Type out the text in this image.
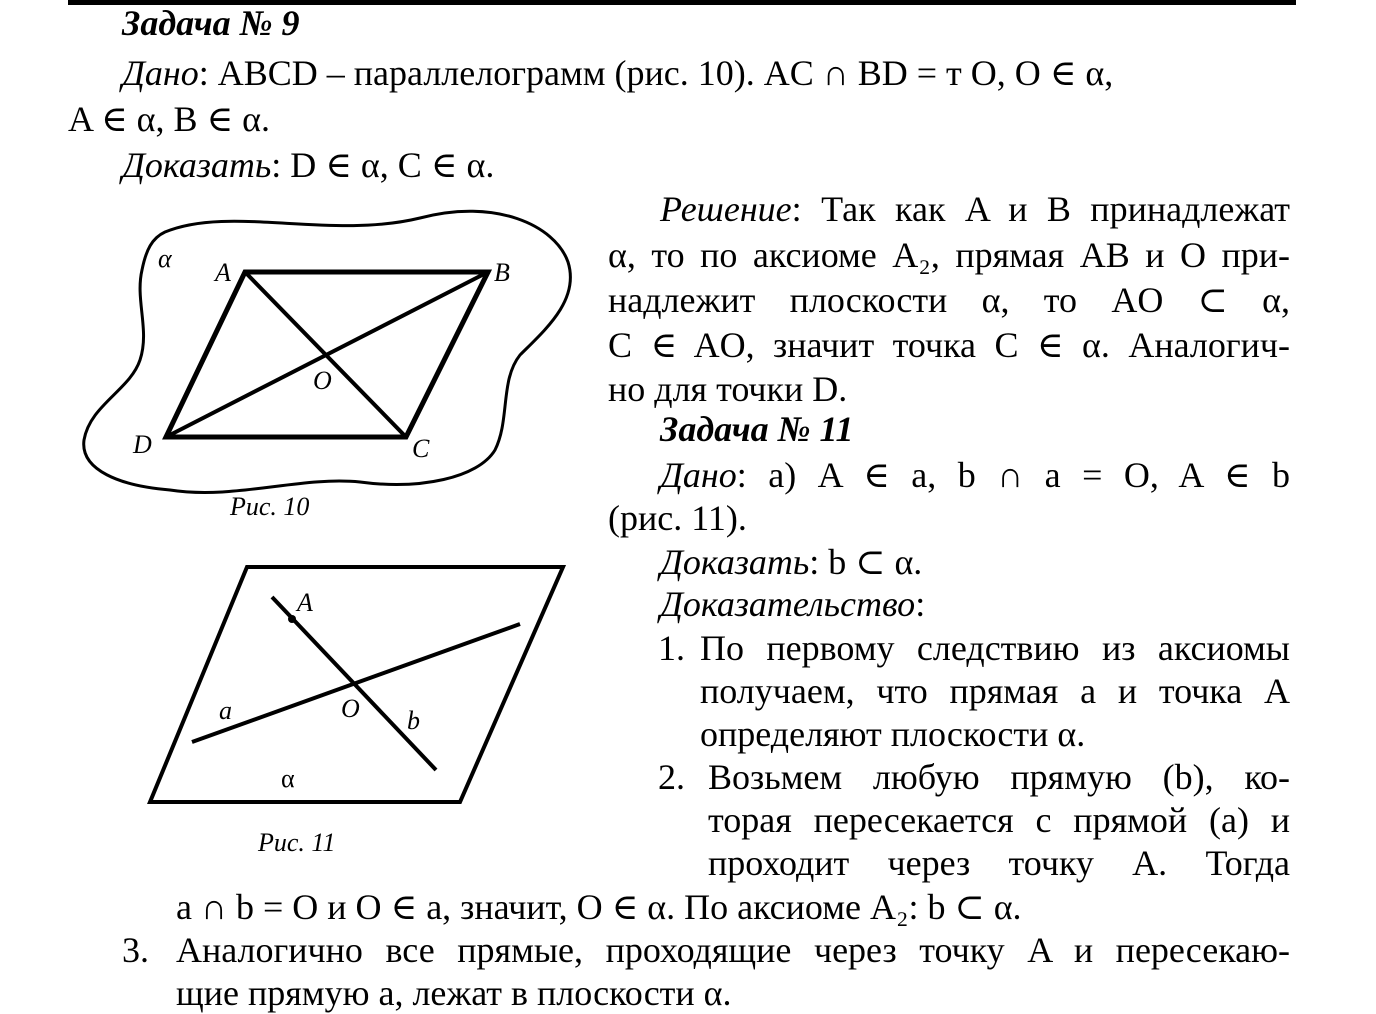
Задача № 9
Дано: ABCD – параллелограмм (рис. 10). AC ∩ BD = т O, O ∈ α,
A ∈ α, B ∈ α.
Доказать: D ∈ α, C ∈ α.
α A	B
O
D	C
Рис. 10
A
a	O b
α
Рис. 11
Решение: Так как A и B принадлежат
α, то по аксиоме A₂, прямая AB и O при-
надлежит плоскости α, то AO ⊂ α,
C ∈ AO, значит точка C ∈ α. Аналогич-
но для точки D.
Задача № 11
Дано: а) A ∈ a, b ∩ a = O, A ∈ b
(рис. 11).
Доказать: b ⊂ α.
Доказательство:
1. По первому следствию из аксиомы
получаем, что прямая a и точка A
определяют плоскости α.
2. Возьмем любую прямую (b), ко-
торая пересекается с прямой (a) и
проходит через точку A. Тогда
a ∩ b = O и O ∈ a, значит, O ∈ α. По аксиоме A₂: b ⊂ α.
3. Аналогично все прямые, проходящие через точку A и пересекаю-
щие прямую a, лежат в плоскости α.
